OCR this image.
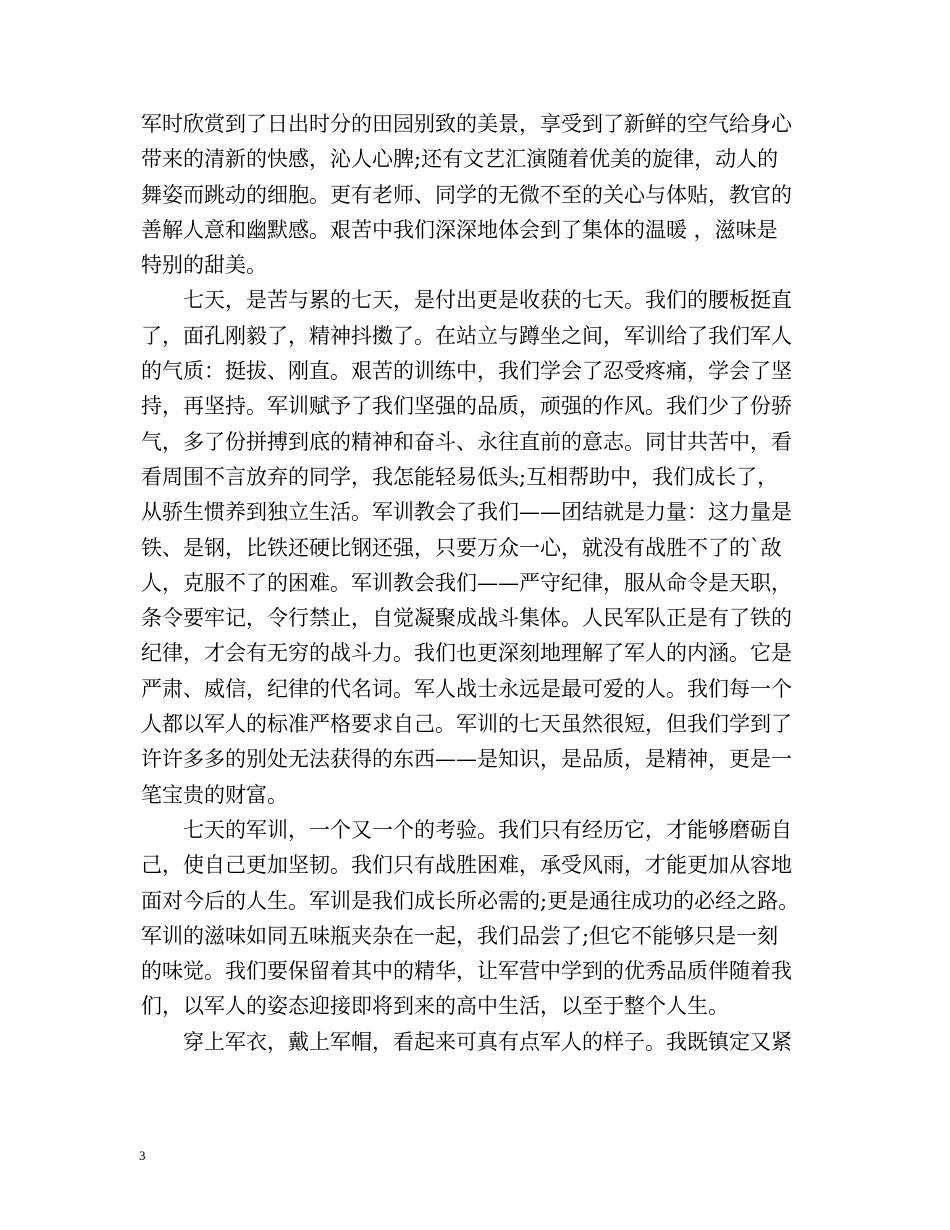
军时欣赏到了日出时分的田园别致的美景，享受到了新鲜的空气给身心
带来的清新的快感，沁人心脾;还有文艺汇演随着优美的旋律，动人的
舞姿而跳动的细胞。更有老师、同学的无微不至的关心与体贴，教官的
善解人意和幽默感。艰苦中我们深深地体会到了集体的温暖 ，滋味是
特别的甜美。
七天，是苦与累的七天，是付出更是收获的七天。我们的腰板挺直
了，面孔刚毅了，精神抖擞了。在站立与蹲坐之间，军训给了我们军人
的气质：挺拔、刚直。艰苦的训练中，我们学会了忍受疼痛，学会了坚
持，再坚持。军训赋予了我们坚强的品质，顽强的作风。我们少了份骄
气，多了份拼搏到底的精神和奋斗、永往直前的意志。同甘共苦中，看
看周围不言放弃的同学，我怎能轻易低头;互相帮助中，我们成长了，
从骄生惯养到独立生活。军训教会了我们——团结就是力量：这力量是
铁、是钢，比铁还硬比钢还强，只要万众一心，就没有战胜不了的`敌
人，克服不了的困难。军训教会我们——严守纪律，服从命令是天职，
条令要牢记，令行禁止，自觉凝聚成战斗集体。人民军队正是有了铁的
纪律，才会有无穷的战斗力。我们也更深刻地理解了军人的内涵。它是
严肃、威信，纪律的代名词。军人战士永远是最可爱的人。我们每一个
人都以军人的标准严格要求自己。军训的七天虽然很短，但我们学到了
许许多多的别处无法获得的东西——是知识，是品质，是精神，更是一
笔宝贵的财富。
七天的军训，一个又一个的考验。我们只有经历它，才能够磨砺自
己，使自己更加坚韧。我们只有战胜困难，承受风雨，才能更加从容地
面对今后的人生。军训是我们成长所必需的;更是通往成功的必经之路。
军训的滋味如同五味瓶夹杂在一起，我们品尝了;但它不能够只是一刻
的味觉。我们要保留着其中的精华，让军营中学到的优秀品质伴随着我
们，以军人的姿态迎接即将到来的高中生活，以至于整个人生。
穿上军衣，戴上军帽，看起来可真有点军人的样子。我既镇定又紧
3
